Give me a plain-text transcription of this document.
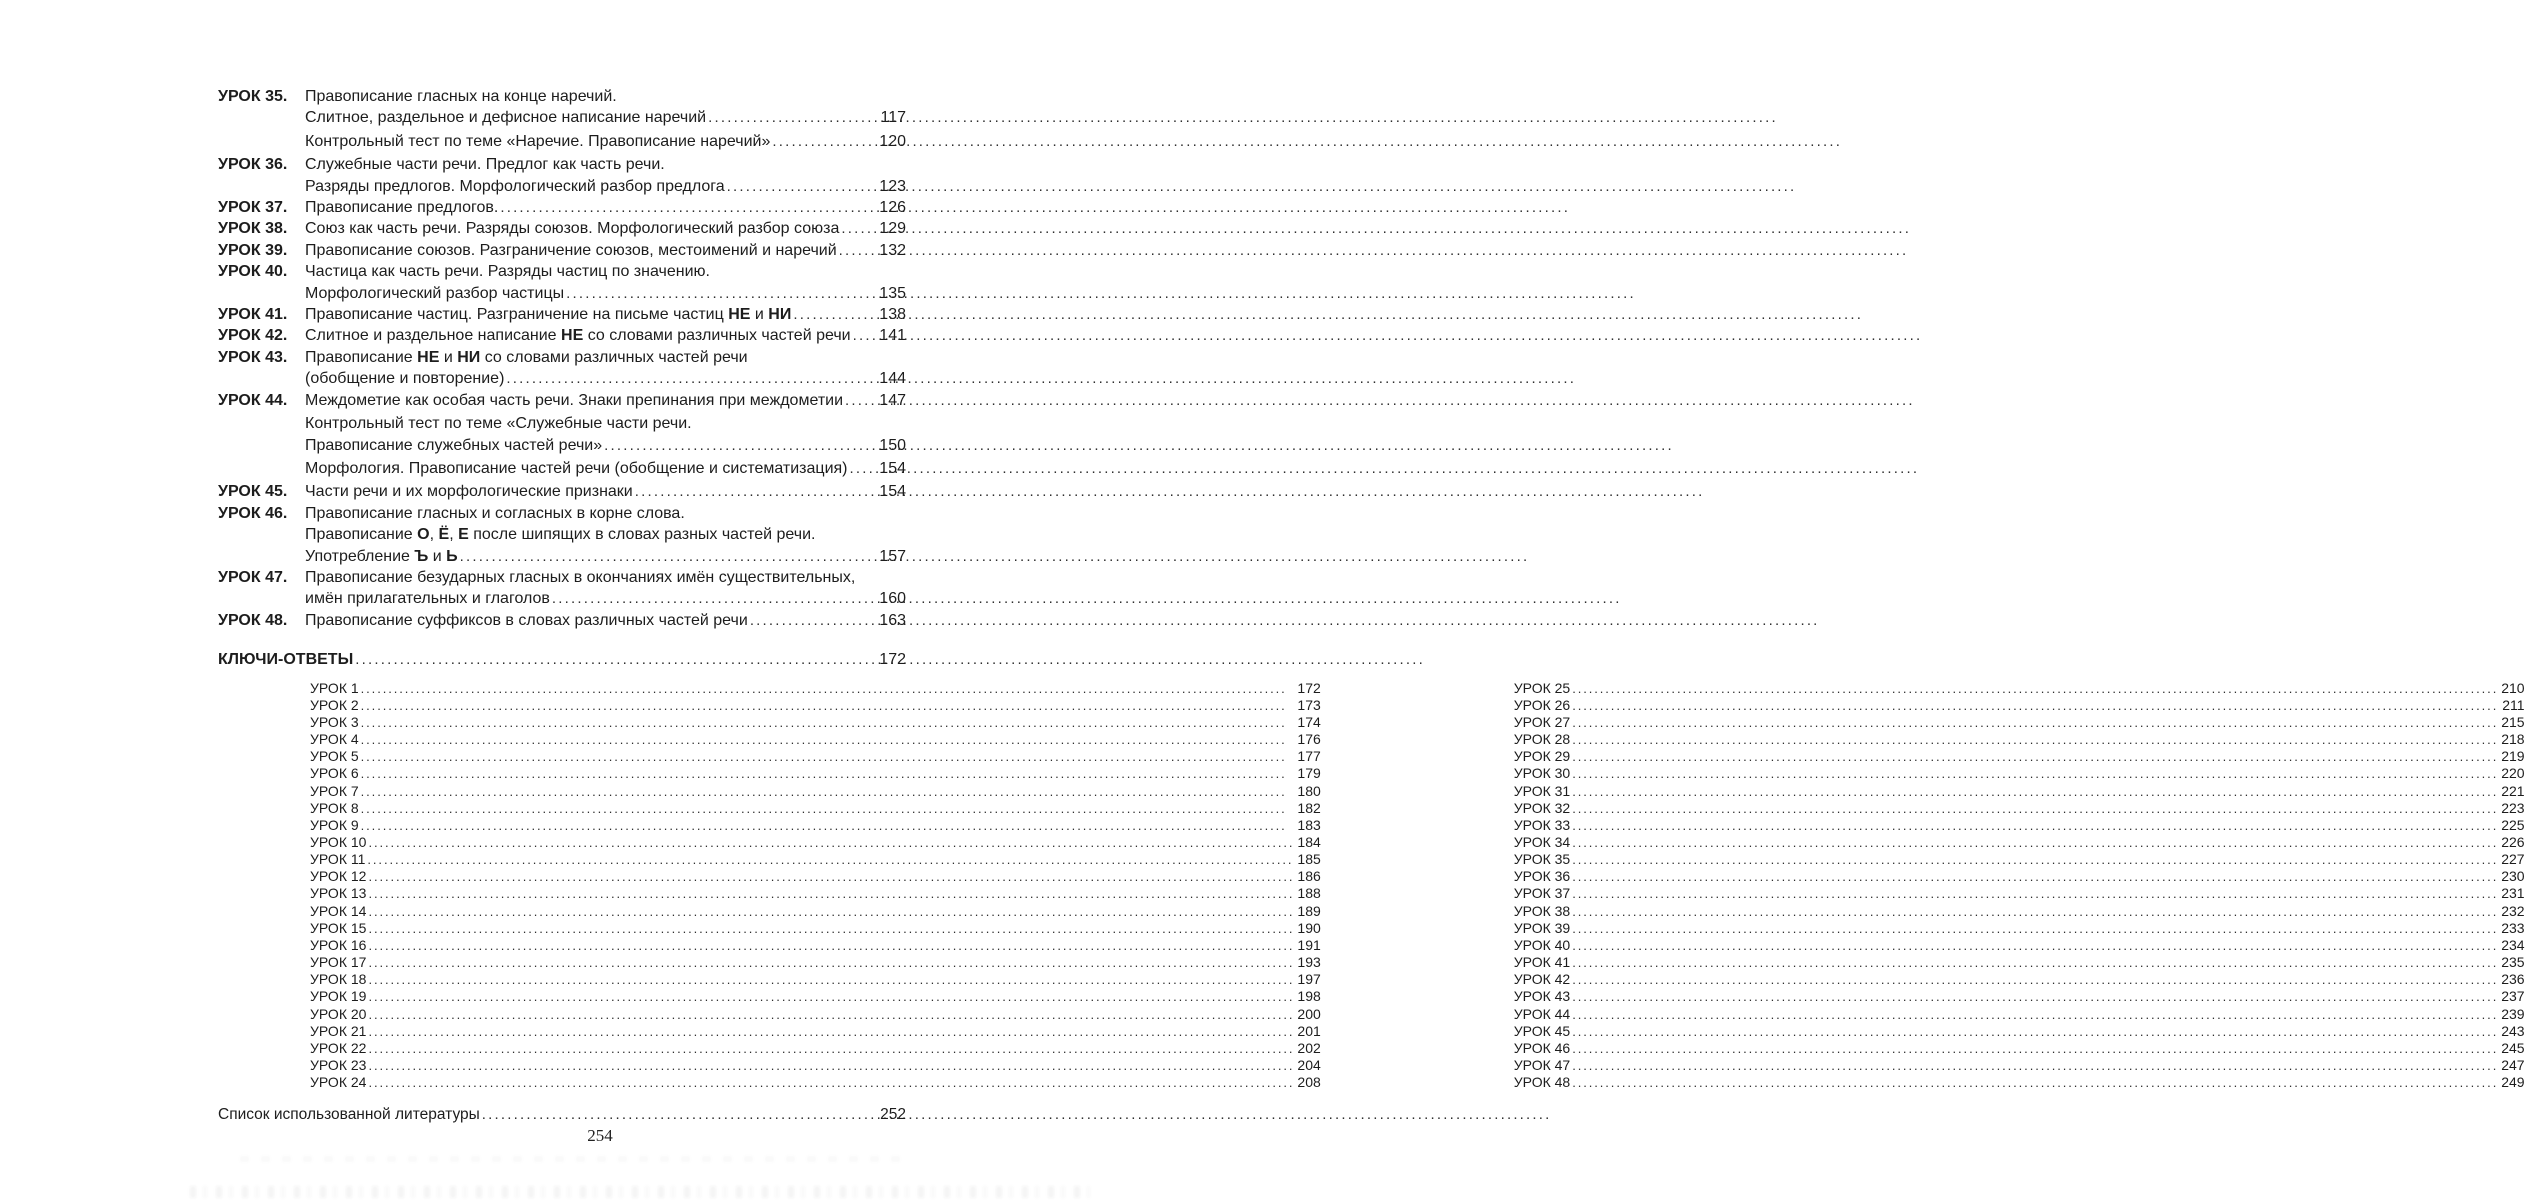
УРОК 35.	Правописание гласных на конце наречий.
Слитное, раздельное и дефисное написание наречий .....	117
Контрольный тест по теме «Наречие. Правописание наречий» .....	120
УРОК 36.	Служебные части речи. Предлог как часть речи.
Разряды предлогов. Морфологический разбор предлога .....	123
УРОК 37.	Правописание предлогов. .....	126
УРОК 38.	Союз как часть речи. Разряды союзов. Морфологический разбор союза ..... 129
УРОК 39.	Правописание союзов. Разграничение союзов, местоимений и наречий .....	132
УРОК 40.	Частица как часть речи. Разряды частиц по значению.
Морфологический разбор частицы .....	135
УРОК 41.	Правописание частиц. Разграничение на письме частиц НЕ и НИ .....	138
УРОК 42.	Слитное и раздельное написание НЕ со словами различных частей речи ..... 141
УРОК 43.	Правописание НЕ и НИ со словами различных частей речи
(обобщение и повторение) .....	144
УРОК 44.	Междометие как особая часть речи. Знаки препинания при междометии ..... 147
Контрольный тест по теме «Служебные части речи.
Правописание служебных частей речи» .....	150
Морфология. Правописание частей речи (обобщение и систематизация) ..... 154
УРОК 45.	Части речи и их морфологические признаки .....	154
УРОК 46.	Правописание гласных и согласных в корне слова.
Правописание О, Ё, Е после шипящих в словах разных частей речи.
Употребление Ъ и Ь .....	157
УРОК 47.	Правописание безударных гласных в окончаниях имён существительных,
имён прилагательных и глаголов .....	160
УРОК 48.	Правописание суффиксов в словах различных частей речи .....	163
КЛЮЧИ-ОТВЕТЫ .....	172
УРОК 1 .....	172
УРОК 2 .....	173
УРОК 3 .....	174
УРОК 4 .....	176
УРОК 5 .....	177
УРОК 6 .....	179
УРОК 7 .....	180
УРОК 8 .....	182
УРОК 9 .....	183
УРОК 10 .....	184
УРОК 11 .....	185
УРОК 12 .....	186
УРОК 13 .....	188
УРОК 14 .....	189
УРОК 15 .....	190
УРОК 16 .....	191
УРОК 17 .....	193
УРОК 18 .....	197
УРОК 19 .....	198
УРОК 20 .....	200
УРОК 21 .....	201
УРОК 22 .....	202
УРОК 23 .....	204
УРОК 24 .....	208
УРОК 25 .....	210
УРОК 26 .....	211
УРОК 27 .....	215
УРОК 28 .....	218
УРОК 29 .....	219
УРОК 30 .....	220
УРОК 31 .....	221
УРОК 32 .....	223
УРОК 33 .....	225
УРОК 34 .....	226
УРОК 35 .....	227
УРОК 36 .....	230
УРОК 37 .....	231
УРОК 38 .....	232
УРОК 39 .....	233
УРОК 40 .....	234
УРОК 41 .....	235
УРОК 42 .....	236
УРОК 43 .....	237
УРОК 44 .....	239
УРОК 45 .....	243
УРОК 46 .....	245
УРОК 47 .....	247
УРОК 48 .....	249
Список использованной литературы .....	252
254
